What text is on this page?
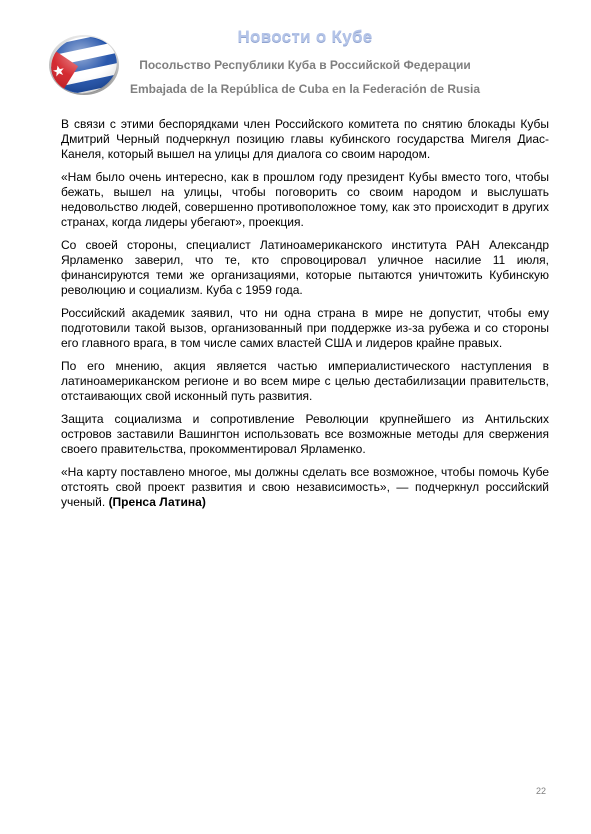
Новости о Кубе
Посольство Республики Куба в Российской Федерации
Embajada de la República de Cuba en la Federación de Rusia

В связи с этими беспорядками член Российского комитета по снятию блокады Кубы Дмитрий Черный подчеркнул позицию главы кубинского государства Мигеля Диас-Канеля, который вышел на улицы для диалога со своим народом.

«Нам было очень интересно, как в прошлом году президент Кубы вместо того, чтобы бежать, вышел на улицы, чтобы поговорить со своим народом и выслушать недовольство людей, совершенно противоположное тому, как это происходит в других странах, когда лидеры убегают», проекция.

Со своей стороны, специалист Латиноамериканского института РАН Александр Ярламенко заверил, что те, кто спровоцировал уличное насилие 11 июля, финансируются теми же организациями, которые пытаются уничтожить Кубинскую революцию и социализм. Куба с 1959 года.

Российский академик заявил, что ни одна страна в мире не допустит, чтобы ему подготовили такой вызов, организованный при поддержке из-за рубежа и со стороны его главного врага, в том числе самих властей США и лидеров крайне правых.

По его мнению, акция является частью империалистического наступления в латиноамериканском регионе и во всем мире с целью дестабилизации правительств, отстаивающих свой исконный путь развития.

Защита социализма и сопротивление Революции крупнейшего из Антильских островов заставили Вашингтон использовать все возможные методы для свержения своего правительства, прокомментировал Ярламенко.

«На карту поставлено многое, мы должны сделать все возможное, чтобы помочь Кубе отстоять свой проект развития и свою независимость», — подчеркнул российский ученый. (Пренса Латина)

22
